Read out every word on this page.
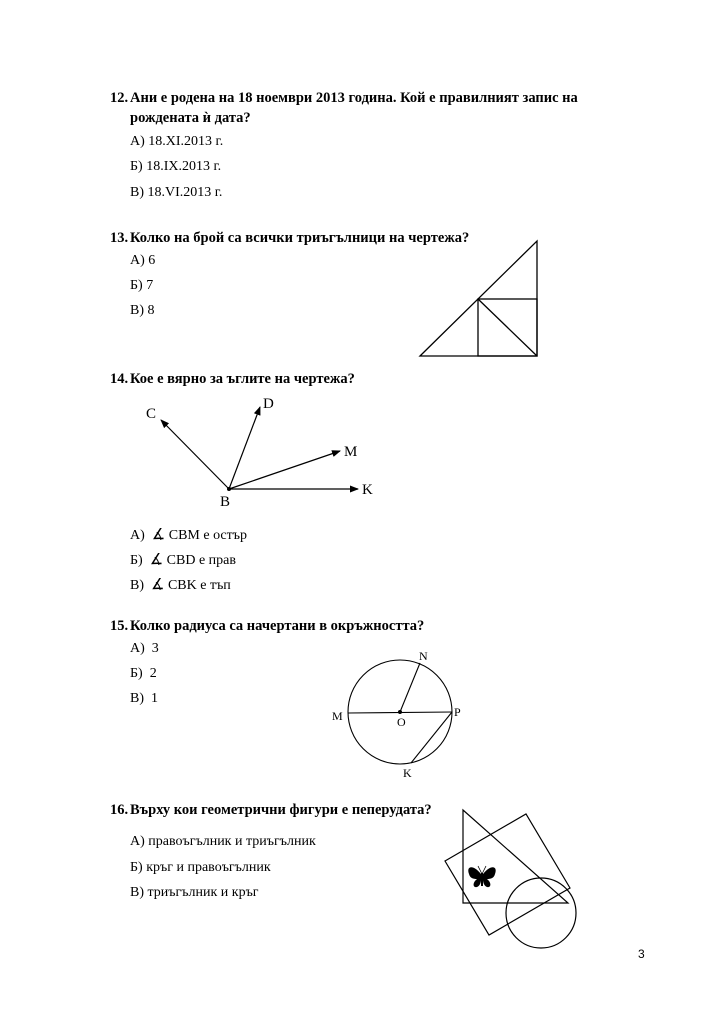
12. Ани е родена на 18 ноември 2013 година. Кой е правилният запис на

рождената ѝ дата?

А) 18.XI.2013 г.
Б) 18.IX.2013 г.
В) 18.VI.2013 г.

13. Колко на брой са всички триъгълници на чертежа?

А) 6
Б) 7
В) 8

14. Кое е вярно за ъглите на чертежа?

C
D
M
K
B
А) ∡ CBM е остър
Б) ∡ CBD е прав
В) ∡ CBK е тъп

15. Колко радиуса са начертани в окръжността?

А) 3
Б) 2
В) 1
N
M	O
P
K

16. Върху кои геометрични фигури е пеперудата?

А) правоъгълник и триъгълник
Б) кръг и правоъгълник
В) триъгълник и кръг
3
